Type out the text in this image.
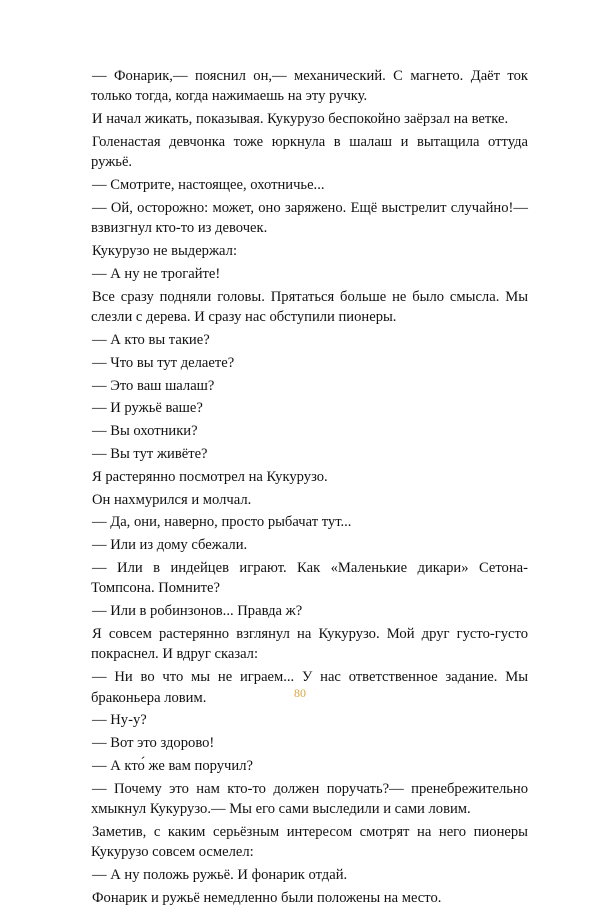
— Фонарик,— пояснил он,— механический. С магнето. Даёт ток только тогда, когда нажимаешь на эту ручку.

И начал жикать, показывая. Кукурузо беспокойно заёрзал на ветке.

Голенастая девчонка тоже юркнула в шалаш и вытащила оттуда ружьё.

— Смотрите, настоящее, охотничье...

— Ой, осторожно: может, оно заряжено. Ещё выстрелит случайно!— взвизгнул кто-то из девочек.

Кукурузо не выдержал:

— А ну не трогайте!

Все сразу подняли головы. Прятаться больше не было смысла. Мы слезли с дерева. И сразу нас обступили пионеры.

— А кто вы такие?

— Что вы тут делаете?

— Это ваш шалаш?

— И ружьё ваше?

— Вы охотники?

— Вы тут живёте?

Я растерянно посмотрел на Кукурузо.

Он нахмурился и молчал.

— Да, они, наверно, просто рыбачат тут...

— Или из дому сбежали.

— Или в индейцев играют. Как «Маленькие дикари» Сетона-Томпсона. Помните?

— Или в робинзонов... Правда ж?

Я совсем растерянно взглянул на Кукурузо. Мой друг густо-густо покраснел. И вдруг сказал:

— Ни во что мы не играем... У нас ответственное задание. Мы браконьера ловим.

— Ну-у?

— Вот это здорово!

— А кто́ же вам поручил?

— Почему это нам кто-то должен поручать?— пренебрежительно хмыкнул Кукурузо.— Мы его сами выследили и сами ловим.

Заметив, с каким серьёзным интересом смотрят на него пионеры Кукурузо совсем осмелел:

— А ну положь ружьё. И фонарик отдай.

Фонарик и ружьё немедленно были положены на место.

80
